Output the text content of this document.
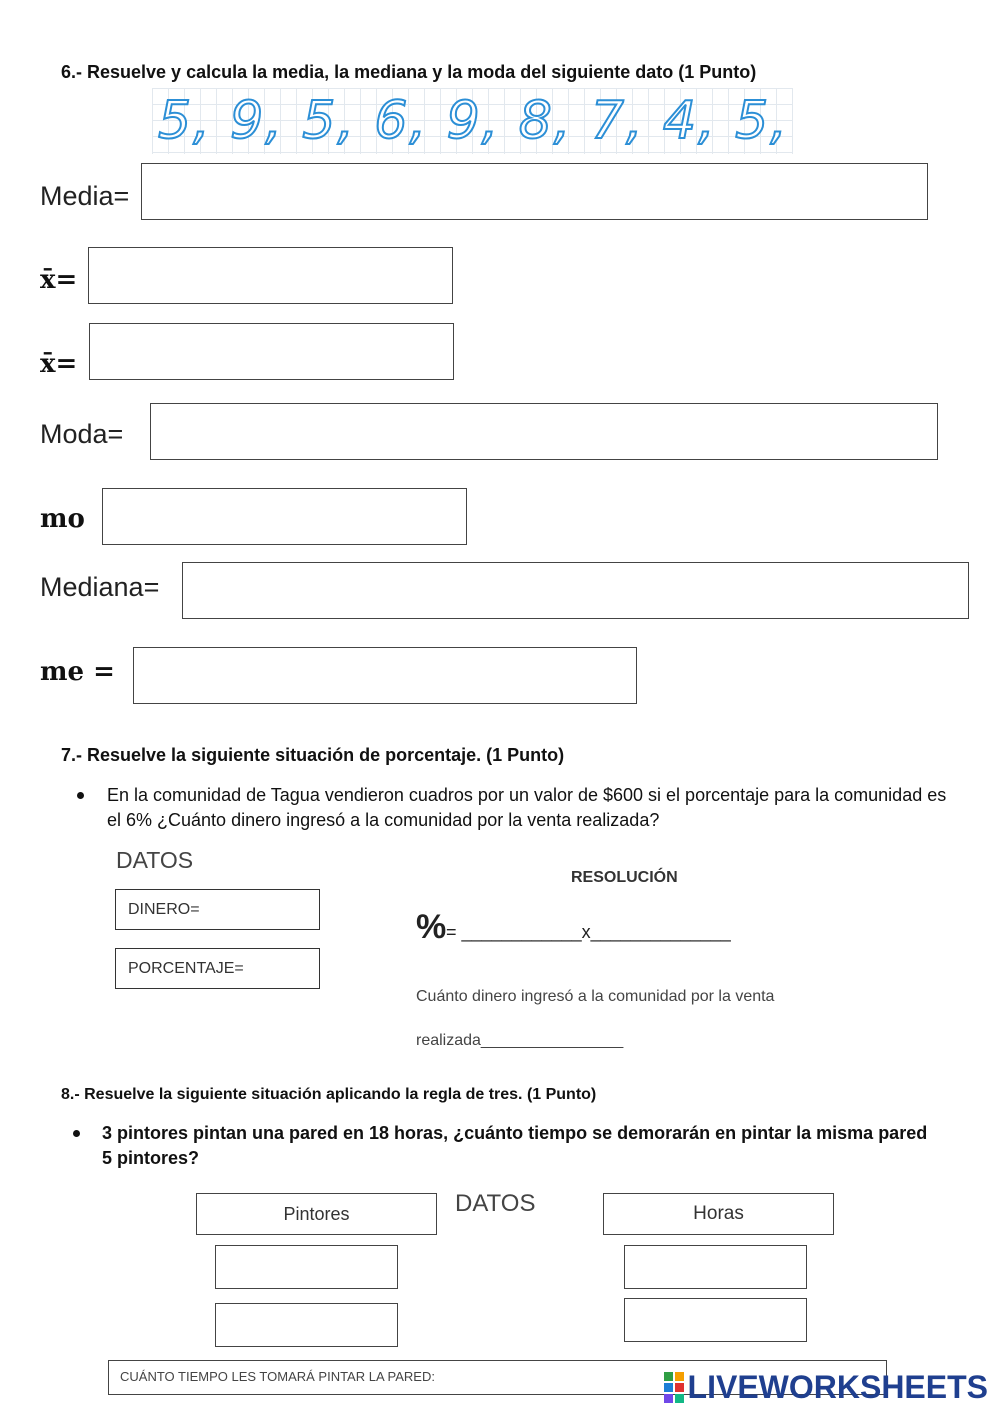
6.- Resuelve y calcula la media, la mediana y la moda del siguiente dato (1 Punto)
5, 9, 5, 6, 9, 8, 7, 4, 5,
Media=
x̄=
x̄=
Moda=
mo
Mediana=
me =
7.- Resuelve la siguiente situación de porcentaje. (1 Punto)
En la comunidad de Tagua vendieron cuadros por un valor de $600 si el porcentaje para la comunidad es el 6% ¿Cuánto dinero ingresó a la comunidad por la venta realizada?
DATOS
DINERO=
PORCENTAJE=
RESOLUCIÓN
% = ____________x______________
Cuánto dinero ingresó a la comunidad por la venta
realizada________________
8.- Resuelve la siguiente situación aplicando la regla de tres. (1 Punto)
3 pintores pintan una pared en 18 horas, ¿cuánto tiempo se demorarán en pintar la misma pared 5 pintores?
Pintores	DATOS	Horas
CUÁNTO TIEMPO LES TOMARÁ PINTAR LA PARED:	LIVEWORKSHEETS
